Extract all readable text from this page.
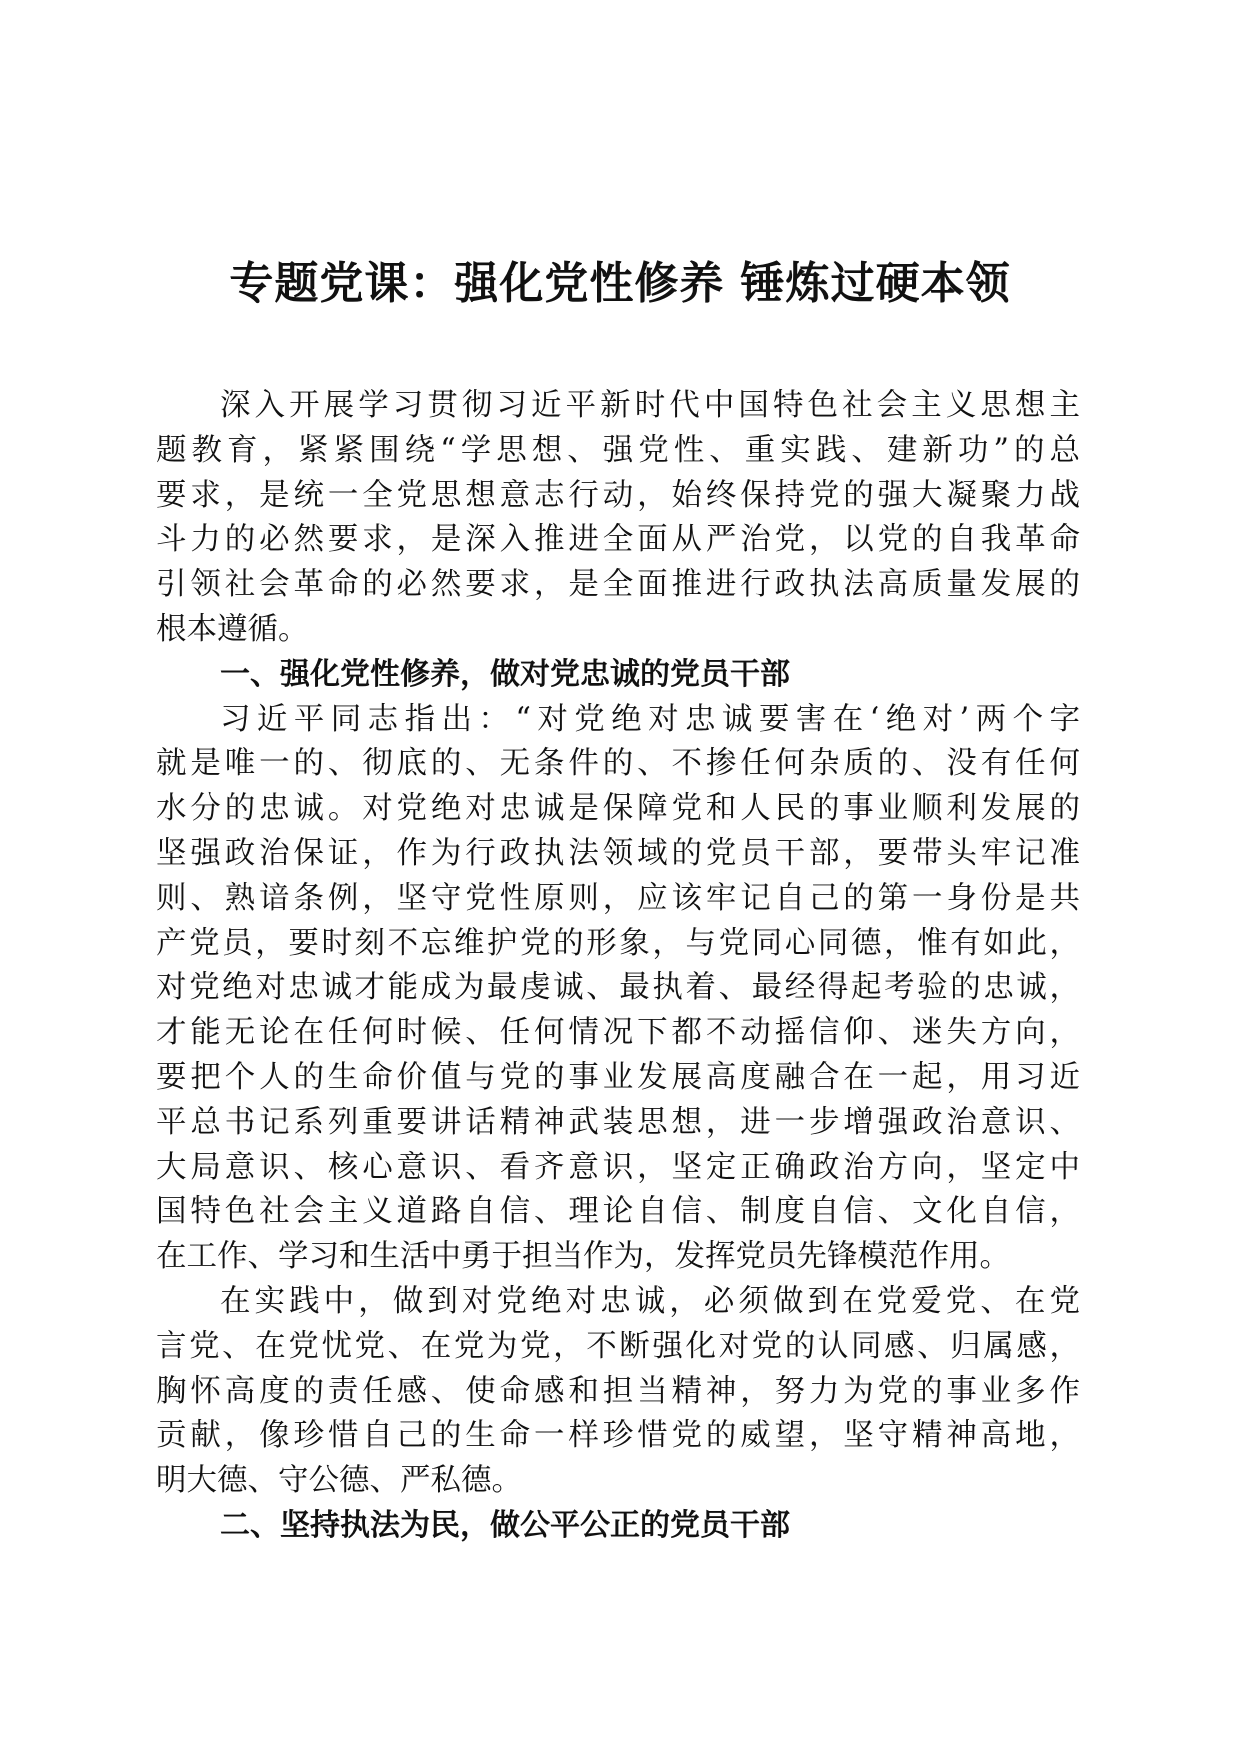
专题党课：强化党性修养 锤炼过硬本领
深入开展学习贯彻习近平新时代中国特色社会主义思想主
题教育，紧紧围绕“学思想、强党性、重实践、建新功”的总
要求，是统一全党思想意志行动，始终保持党的强大凝聚力战
斗力的必然要求，是深入推进全面从严治党，以党的自我革命
引领社会革命的必然要求，是全面推进行政执法高质量发展的
根本遵循。
一、强化党性修养，做对党忠诚的党员干部
习近平同志指出：“对党绝对忠诚要害在‘绝对’两个字
就是唯一的、彻底的、无条件的、不掺任何杂质的、没有任何
水分的忠诚。对党绝对忠诚是保障党和人民的事业顺利发展的
坚强政治保证，作为行政执法领域的党员干部，要带头牢记准
则、熟谙条例，坚守党性原则，应该牢记自己的第一身份是共
产党员，要时刻不忘维护党的形象，与党同心同德，惟有如此，
对党绝对忠诚才能成为最虔诚、最执着、最经得起考验的忠诚，
才能无论在任何时候、任何情况下都不动摇信仰、迷失方向，
要把个人的生命价值与党的事业发展高度融合在一起，用习近
平总书记系列重要讲话精神武装思想，进一步增强政治意识、
大局意识、核心意识、看齐意识，坚定正确政治方向，坚定中
国特色社会主义道路自信、理论自信、制度自信、文化自信，
在工作、学习和生活中勇于担当作为，发挥党员先锋模范作用。
在实践中，做到对党绝对忠诚，必须做到在党爱党、在党
言党、在党忧党、在党为党，不断强化对党的认同感、归属感，
胸怀高度的责任感、使命感和担当精神，努力为党的事业多作
贡献，像珍惜自己的生命一样珍惜党的威望，坚守精神高地，
明大德、守公德、严私德。
二、坚持执法为民，做公平公正的党员干部
